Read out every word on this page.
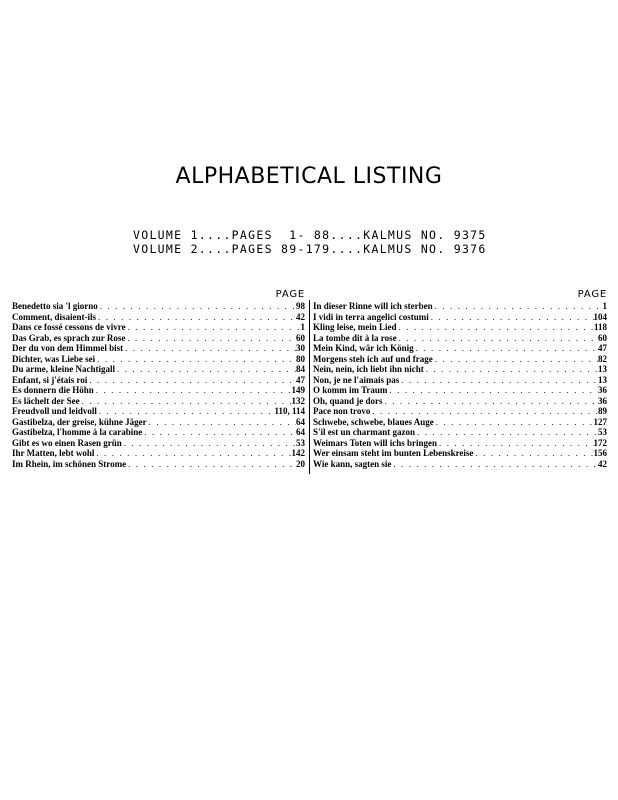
ALPHABETICAL LISTING
VOLUME 1....PAGES  1- 88....KALMUS NO. 9375
VOLUME 2....PAGES 89-179....KALMUS NO. 9376
PAGE
Benedetto sia 'l giorno . . .	98
Comment, disaient-ils . . .	42
Dans ce fossé cessons de vivre . . .	1
Das Grab, es sprach zur Rose . . .	60
Der du von dem Himmel bist . . .	30
Dichter, was Liebe sei . . .	80
Du arme, kleine Nachtigall . . .	84
Enfant, si j'étais roi . . .	47
Es donnern die Höhn . . .	149
Es lächelt der See . . .	132
Freudvoll und leidvoll . . .	110, 114
Gastibelza, der greise, kühne Jäger . . .	64
Gastibelza, l'homme à la carabine . . .	64
Gibt es wo einen Rasen grün . . .	53
Ihr Matten, lebt wohl . . .	142
Im Rhein, im schönen Strome . . .	20
PAGE
In dieser Rinne will ich sterben . . .	1
I vidi in terra angelici costumi . . .	104
Kling leise, mein Lied . . .	118
La tombe dit à la rose . . .	60
Mein Kind, wär ich König . . .	47
Morgens steh ich auf und frage . . .	82
Nein, nein, ich liebt ihn nicht . . .	13
Non, je ne l'aimais pas . . .	13
O komm im Traum . . .	36
Oh, quand je dors . . .	36
Pace non trovo . . .	89
Schwebe, schwebe, blaues Auge . . .	127
S'il est un charmant gazon . . .	53
Weimars Toten will ichs bringen . . .	172
Wer einsam steht im bunten Lebenskreise . . .	156
Wie kann, sagten sie . . .	42
